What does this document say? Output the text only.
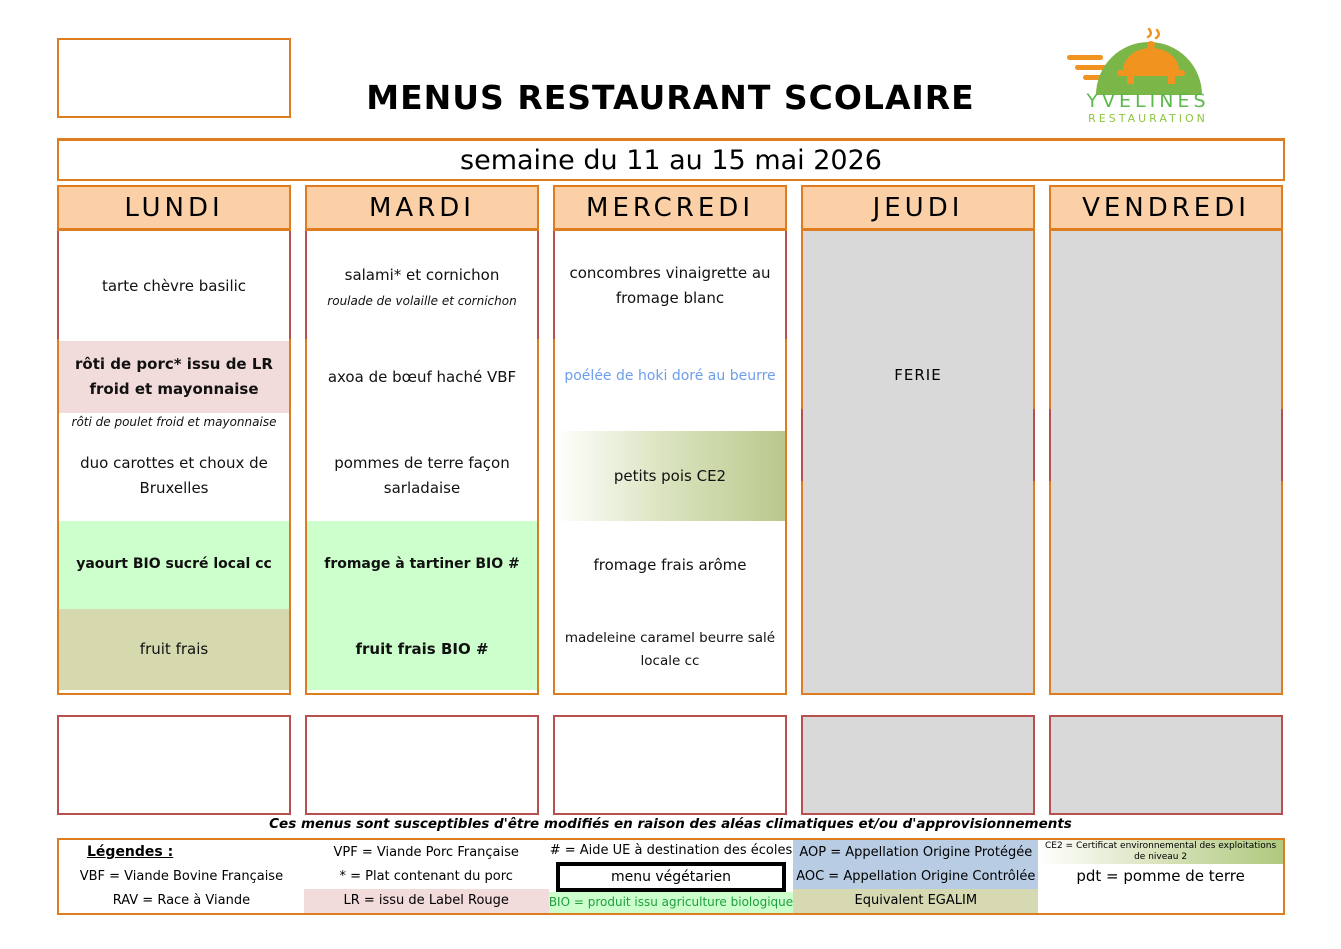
MENUS RESTAURANT SCOLAIRE	YVELINES
RESTAURATION
semaine du 11 au 15 mai 2026
LUNDI
tarte chèvre basilic
rôti de porc* issu de LR froid et mayonnaise
rôti de poulet froid et mayonnaise
duo carottes et choux de Bruxelles
yaourt BIO sucré local cc
fruit frais
MARDI
salami* et cornichon
roulade de volaille et cornichon
axoa de bœuf haché VBF
pommes de terre façon sarladaise
fromage à tartiner BIO #
fruit frais BIO #
MERCREDI
concombres vinaigrette au fromage blanc
poélée de hoki doré au beurre
petits pois CE2
fromage frais arôme
madeleine caramel beurre salé locale cc
JEUDI
FERIE
VENDREDI
Ces menus sont susceptibles d'être modifiés en raison des aléas climatiques et/ou d'approvisionnements
Légendes :
VBF = Viande Bovine Française
RAV = Race à Viande
VPF = Viande Porc Française
* = Plat contenant du porc
LR = issu de Label Rouge
# = Aide UE à destination des écoles
menu végétarien
BIO = produit issu agriculture biologique
AOP = Appellation Origine Protégée
AOC = Appellation Origine Contrôlée
Equivalent EGALIM
CE2 = Certificat environnemental des exploitations de niveau 2
pdt = pomme de terre
